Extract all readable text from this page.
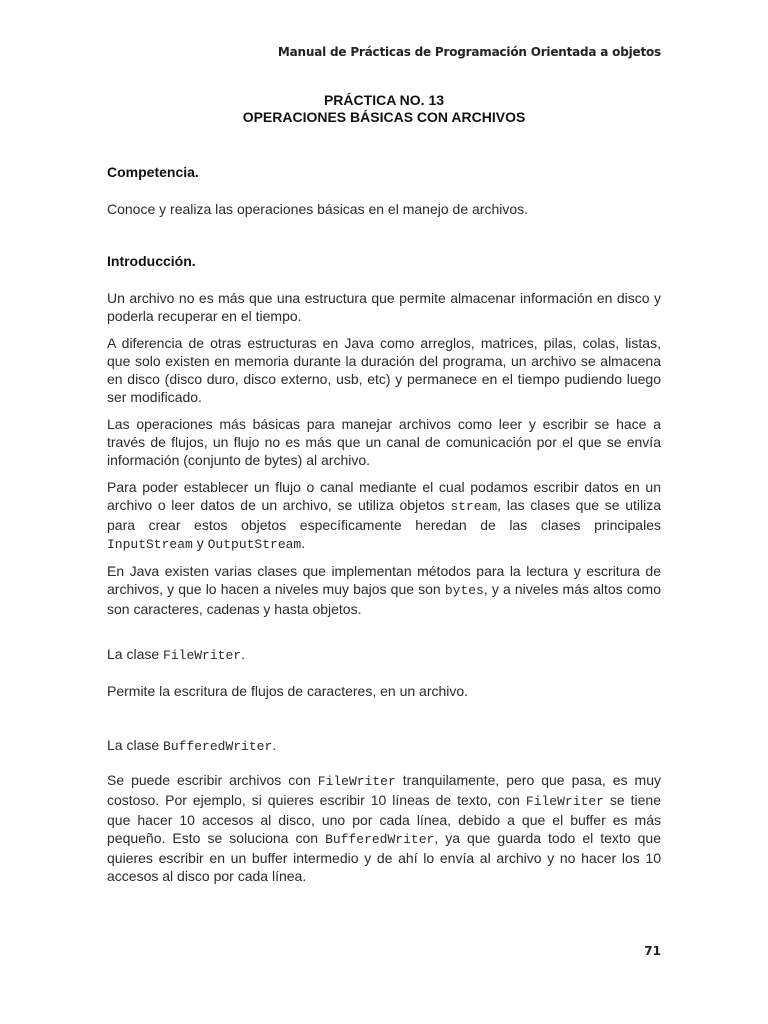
Manual de Prácticas de Programación Orientada a objetos
PRÁCTICA NO. 13
OPERACIONES BÁSICAS CON ARCHIVOS
Competencia.

Conoce y realiza las operaciones básicas en el manejo de archivos.

Introducción.

Un archivo no es más que una estructura que permite almacenar información en disco y poderla recuperar en el tiempo.

A diferencia de otras estructuras en Java como arreglos, matrices, pilas, colas, listas, que solo existen en memoria durante la duración del programa, un archivo se almacena en disco (disco duro, disco externo, usb, etc) y permanece en el tiempo pudiendo luego ser modificado.

Las operaciones más básicas para manejar archivos como leer y escribir se hace a través de flujos, un flujo no es más que un canal de comunicación por el que se envía información (conjunto de bytes) al archivo.

Para poder establecer un flujo o canal mediante el cual podamos escribir datos en un archivo o leer datos de un archivo, se utiliza objetos stream, las clases que se utiliza para crear estos objetos específicamente heredan de las clases principales InputStream y OutputStream.

En Java existen varias clases que implementan métodos para la lectura y escritura de archivos, y que lo hacen a niveles muy bajos que son bytes, y a niveles más altos como son caracteres, cadenas y hasta objetos.

La clase FileWriter.

Permite la escritura de flujos de caracteres, en un archivo.

La clase BufferedWriter.

Se puede escribir archivos con FileWriter tranquilamente, pero que pasa, es muy costoso. Por ejemplo, si quieres escribir 10 líneas de texto, con FileWriter se tiene que hacer 10 accesos al disco, uno por cada línea, debido a que el buffer es más pequeño. Esto se soluciona con BufferedWriter, ya que guarda todo el texto que quieres escribir en un buffer intermedio y de ahí lo envía al archivo y no hacer los 10 accesos al disco por cada línea.

71
